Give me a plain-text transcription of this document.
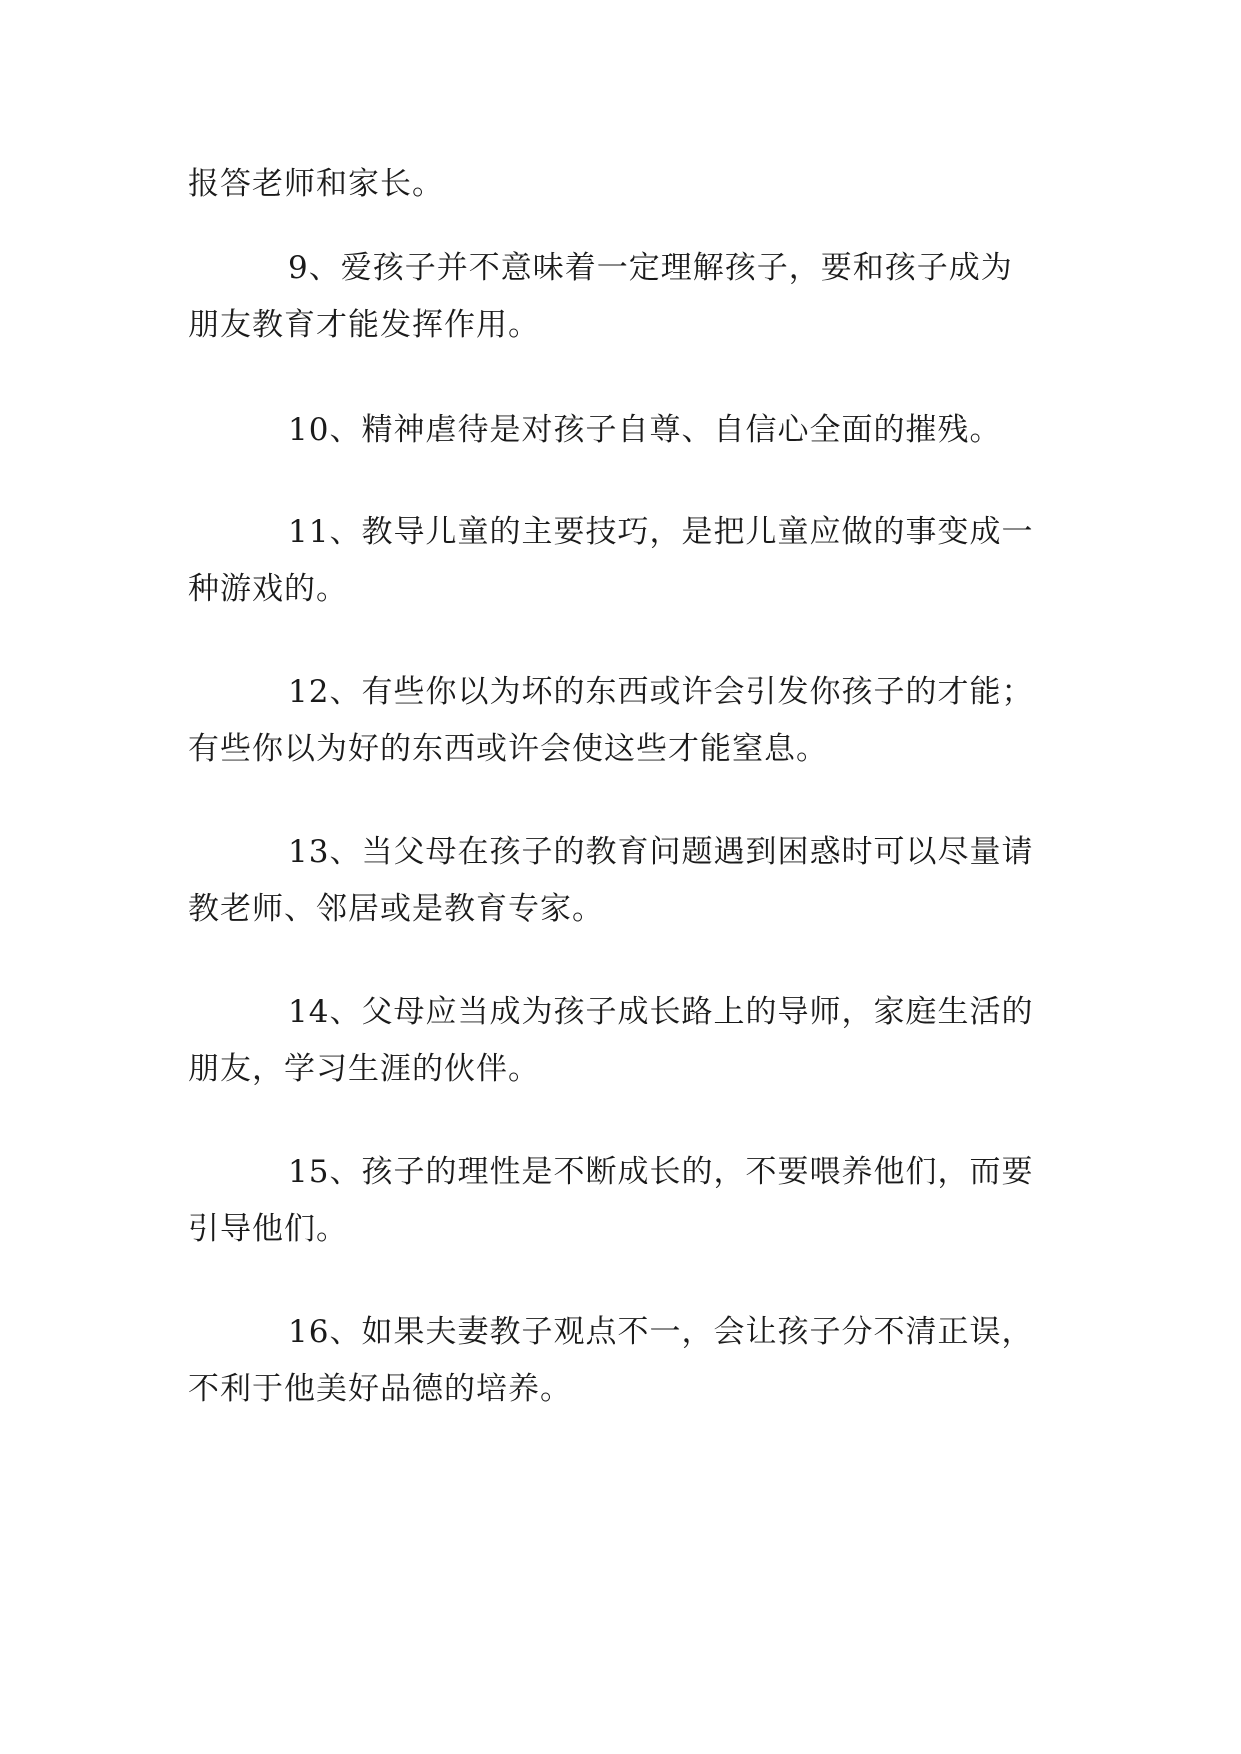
报答老师和家长。
9、爱孩子并不意味着一定理解孩子，要和孩子成为
朋友教育才能发挥作用。
10、精神虐待是对孩子自尊、自信心全面的摧残。
11、教导儿童的主要技巧，是把儿童应做的事变成一
种游戏的。
12、有些你以为坏的东西或许会引发你孩子的才能；
有些你以为好的东西或许会使这些才能窒息。
13、当父母在孩子的教育问题遇到困惑时可以尽量请
教老师、邻居或是教育专家。
14、父母应当成为孩子成长路上的导师，家庭生活的
朋友，学习生涯的伙伴。
15、孩子的理性是不断成长的，不要喂养他们，而要
引导他们。
16、如果夫妻教子观点不一，会让孩子分不清正误，
不利于他美好品德的培养。
